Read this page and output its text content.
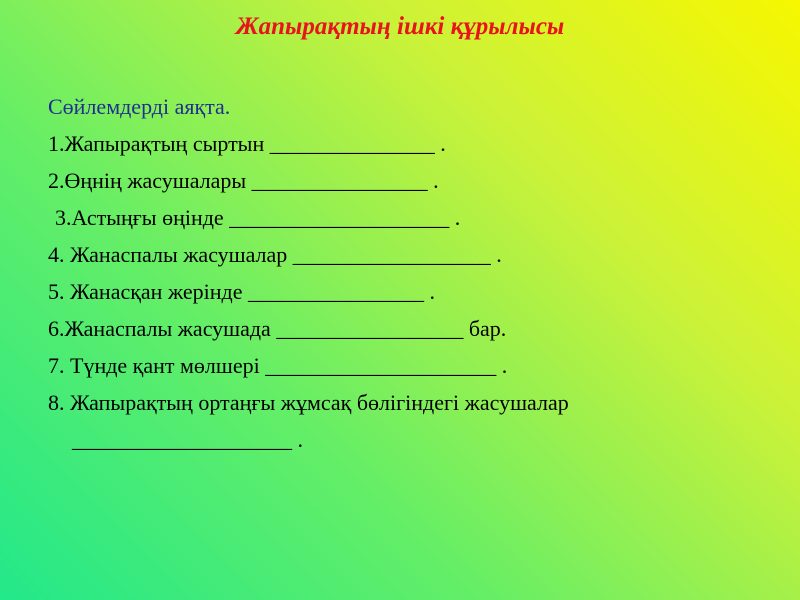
Жапырақтың ішкі құрылысы
Сөйлемдерді аяқта.
1.Жапырақтың сыртын _______________ .
2.Өңнің жасушалары ________________ .
3.Астыңғы өңінде ____________________ .
4. Жанаспалы жасушалар __________________ .
5. Жанасқан жерінде ________________ .
6.Жанаспалы жасушада _________________ бар.
7. Түнде қант мөлшері _____________________ .
8. Жапырақтың ортаңғы жұмсақ бөлігіндегі жасушалар
____________________ .
